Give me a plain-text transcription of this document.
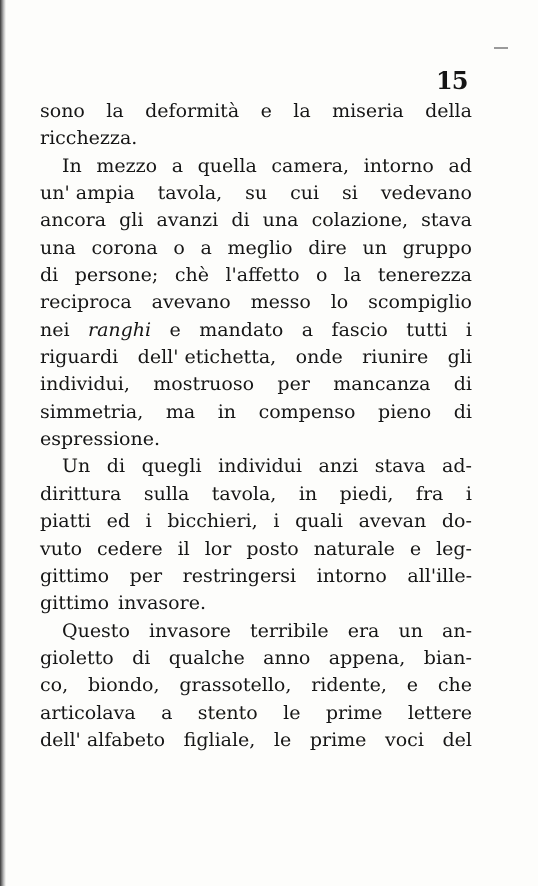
15
sono la deformità e la miseria della
ricchezza.
In mezzo a quella camera, intorno ad
un' ampia tavola, su cui si vedevano
ancora gli avanzi di una colazione, stava
una corona o a meglio dire un gruppo
di persone; chè l'affetto o la tenerezza
reciproca avevano messo lo scompiglio
nei ranghi e mandato a fascio tutti i
riguardi dell' etichetta, onde riunire gli
individui, mostruoso per mancanza di
simmetria, ma in compenso pieno di
espressione.
Un di quegli individui anzi stava ad-
dirittura sulla tavola, in piedi, fra i
piatti ed i bicchieri, i quali avevan do-
vuto cedere il lor posto naturale e leg-
gittimo per restringersi intorno all'ille-
gittimo invasore.
Questo invasore terribile era un an-
gioletto di qualche anno appena, bian-
co, biondo, grassotello, ridente, e che
articolava a stento le prime lettere
dell' alfabeto figliale, le prime voci del
